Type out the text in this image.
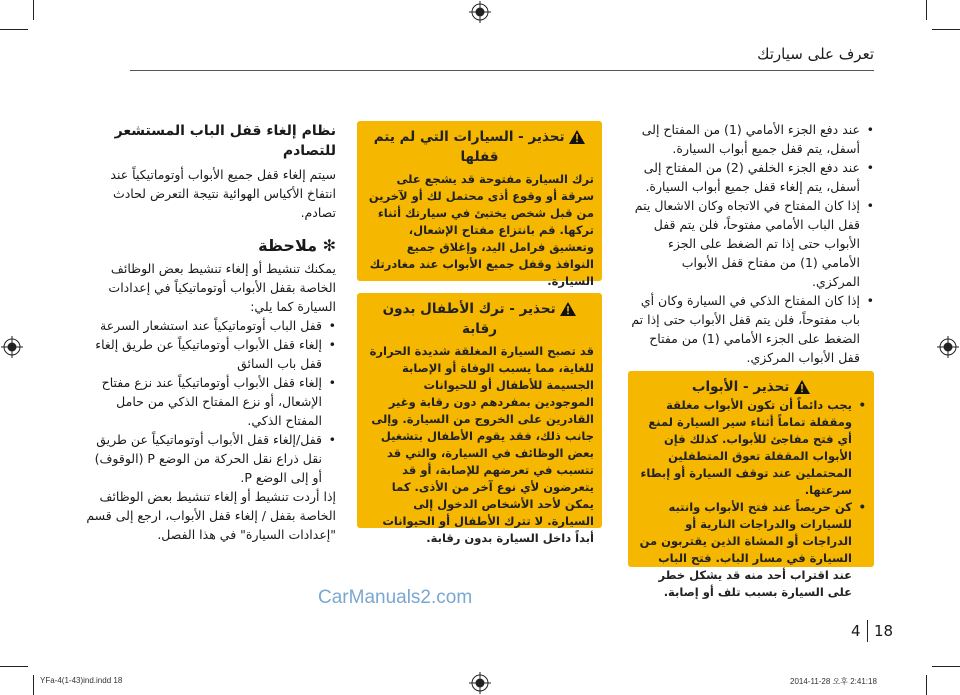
تعرف على سيارتك
• عند دفع الجزء الأمامي (1) من المفتاح إلى أسفل، يتم قفل جميع أبواب السيارة.
• عند دفع الجزء الخلفي (2) من المفتاح إلى أسفل، يتم إلغاء قفل جميع أبواب السيارة.
• إذا كان المفتاح في الاتجاه وكان الاشعال يتم قفل الباب الأمامي مفتوحاً، فلن يتم قفل الأبواب حتى إذا تم الضغط على الجزء الأمامي (1) من مفتاح قفل الأبواب المركزي.
• إذا كان المفتاح الذكي في السيارة وكان أي باب مفتوحاً، فلن يتم قفل الأبواب حتى إذا تم الضغط على الجزء الأمامي (1) من مفتاح قفل الأبواب المركزي.
تحذير - الأبواب
• يجب دائماً أن تكون الأبواب مغلقة ومقفلة تماماً أثناء سير السيارة لمنع أي فتح مفاجئ للأبواب. كذلك فإن الأبواب المقفلة تعوق المتطفلين المحتملين عند توقف السيارة أو إبطاء سرعتها.
• كن حريصاً عند فتح الأبواب وانتبه للسيارات والدراجات النارية أو الدراجات أو المشاة الذين يقتربون من السيارة في مسار الباب. فتح الباب عند اقتراب أحد منه قد يشكل خطر على السيارة بسبب تلف أو إصابة.
تحذير - السيارات التي لم يتم قفلها

ترك السيارة مفتوحة قد يشجع على سرقة أو وقوع أذى محتمل لك أو لآخرين من قبل شخص يختبئ في سيارتك أثناء تركها. قم بانتزاع مفتاح الإشعال، وتعشيق فرامل اليد، وإغلاق جميع النوافذ وقفل جميع الأبواب عند مغادرتك السيارة.

تحذير - ترك الأطفال بدون رقابة

قد تصبح السيارة المغلقة شديدة الحرارة للغاية، مما يسبب الوفاة أو الإصابة الجسيمة للأطفال أو للحيوانات الموجودين بمفردهم دون رقابة وغير القادرين على الخروج من السيارة. وإلى جانب ذلك، فقد يقوم الأطفال بتشغيل بعض الوظائف في السيارة، والتي قد تتسبب في تعرضهم للإصابة، أو قد يتعرضون لأي نوع آخر من الأذى. كما يمكن لأحد الأشخاص الدخول إلى السيارة. لا تترك الأطفال أو الحيوانات أبداً داخل السيارة بدون رقابة.

نظام إلغاء قفل الباب المستشعر للتصادم

سيتم إلغاء قفل جميع الأبواب أوتوماتيكياً عند انتفاخ الأكياس الهوائية نتيجة التعرض لحادث تصادم.

✻ ملاحظة

يمكنك تنشيط أو إلغاء تنشيط بعض الوظائف الخاصة بقفل الأبواب أوتوماتيكياً في إعدادات السيارة كما يلي:

• قفل الباب أوتوماتيكياً عند استشعار السرعة
• إلغاء قفل الأبواب أوتوماتيكياً عن طريق إلغاء قفل باب السائق
• إلغاء قفل الأبواب أوتوماتيكياً عند نزع مفتاح الإشعال، أو نزع المفتاح الذكي من حامل المفتاح الذكي.
• قفل/إلغاء قفل الأبواب أوتوماتيكياً عن طريق نقل ذراع نقل الحركة من الوضع P (الوقوف) أو إلى الوضع P.

إذا أردت تنشيط أو إلغاء تنشيط بعض الوظائف الخاصة بقفل / إلغاء قفل الأبواب، ارجع إلى قسم "إعدادات السيارة" في هذا الفصل.

CarManuals2.com
4 18
YFa-4(1-43)ind.indd 18	2014-11-28 오후 2:41:18
